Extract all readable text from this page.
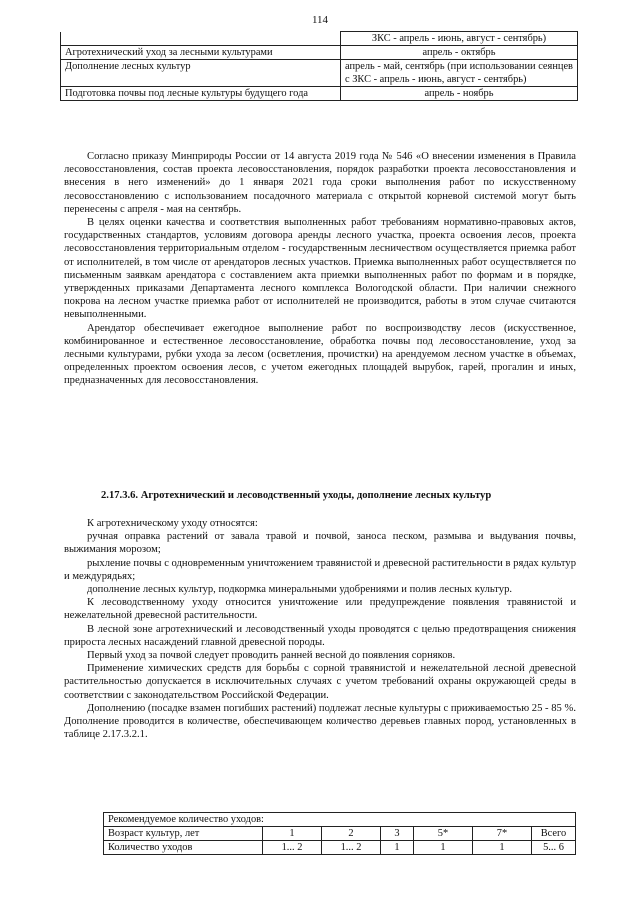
114
	ЗКС - апрель - июнь, август - сентябрь)
Агротехнический уход за лесными культурами	апрель - октябрь
Дополнение лесных культур	апрель - май, сентябрь (при использовании сеянцев с ЗКС - апрель - июнь, август - сентябрь)
Подготовка почвы под лесные культуры будущего года	апрель - ноябрь

Согласно приказу Минприроды России от 14 августа 2019 года № 546 «О внесении изменения в Правила лесовосстановления, состав проекта лесовосстановления, порядок разработки проекта лесовосстановления и внесения в него изменений» до 1 января 2021 года сроки выполнения работ по искусственному лесовосстановлению с использованием посадочного материала с открытой корневой системой могут быть перенесены с апреля - мая на сентябрь.

В целях оценки качества и соответствия выполненных работ требованиям нормативно-правовых актов, государственных стандартов, условиям договора аренды лесного участка, проекта освоения лесов, проекта лесовосстановления территориальным отделом - государственным лесничеством осуществляется приемка работ от исполнителей, в том числе от арендаторов лесных участков. Приемка выполненных работ осуществляется по письменным заявкам арендатора с составлением акта приемки выполненных работ по формам и в порядке, утвержденных приказами Департамента лесного комплекса Вологодской области. При наличии снежного покрова на лесном участке приемка работ от исполнителей не производится, работы в этом случае считаются невыполненными.

Арендатор обеспечивает ежегодное выполнение работ по воспроизводству лесов (искусственное, комбинированное и естественное лесовосстановление, обработка почвы под лесовосстановление, уход за лесными культурами, рубки ухода за лесом (осветления, прочистки) на арендуемом лесном участке в объемах, определенных проектом освоения лесов, с учетом ежегодных площадей вырубок, гарей, прогалин и иных, предназначенных для лесовосстановления.

2.17.3.6. Агротехнический и лесоводственный уходы, дополнение лесных культур

К агротехническому уходу относятся:

ручная оправка растений от завала травой и почвой, заноса песком, размыва и выдувания почвы, выжимания морозом;

рыхление почвы с одновременным уничтожением травянистой и древесной растительности в рядах культур и междурядьях;

дополнение лесных культур, подкормка минеральными удобрениями и полив лесных культур.

К лесоводственному уходу относится уничтожение или предупреждение появления травянистой и нежелательной древесной растительности.

В лесной зоне агротехнический и лесоводственный уходы проводятся с целью предотвращения снижения прироста лесных насаждений главной древесной породы.

Первый уход за почвой следует проводить ранней весной до появления сорняков.

Применение химических средств для борьбы с сорной травянистой и нежелательной лесной древесной растительностью допускается в исключительных случаях с учетом требований охраны окружающей среды в соответствии с законодательством Российской Федерации.

Дополнению (посадке взамен погибших растений) подлежат лесные культуры с приживаемостью 25 - 85 %. Дополнение проводится в количестве, обеспечивающем количество деревьев главных пород, установленных в таблице 2.17.3.2.1.

Рекомендуемое количество уходов:						
Возраст культур, лет	1	2	3	5*	7*	Всего
Количество уходов	1... 2	1... 2	1	1	1	5... 6
